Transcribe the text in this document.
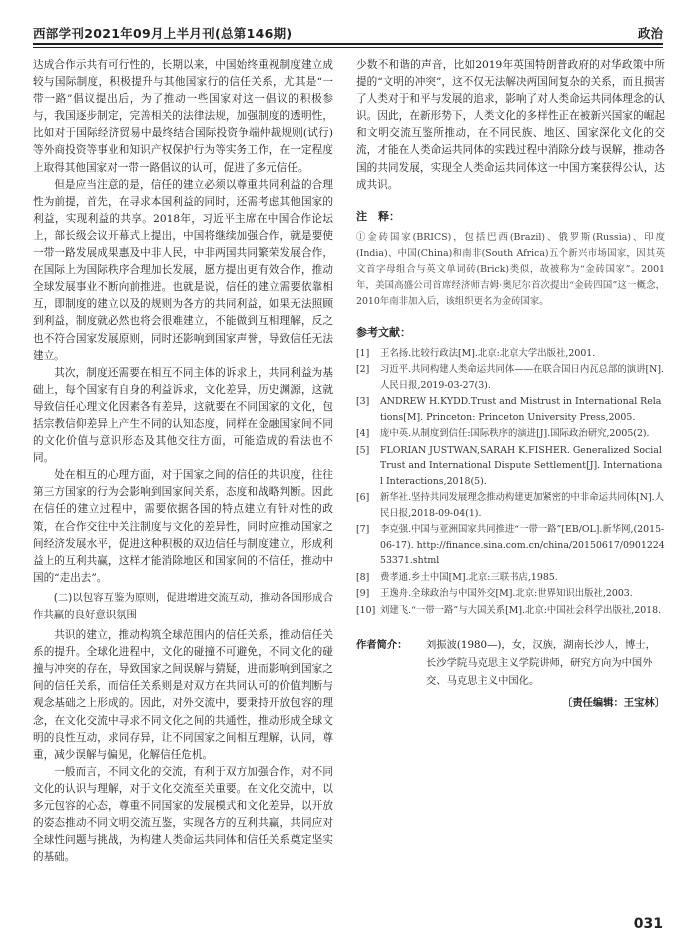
西部学刊2021年09月上半月刊(总第146期)	政治

达成合作示共有可行性的，长期以来，中国始终重视制度建立成较与国际制度，积极提升与其他国家行的信任关系，尤其是“一带一路”倡议提出后，为了推动一些国家对这一倡议的积极参与，我国逐步制定，完善相关的法律法规，加强制度的透明性，比如对于国际经济贸易中最终结合国际投资争端仲裁规则(试行)等外商投资等事业和知识产权保护行为等实务工作，在一定程度上取得其他国家对一带一路倡议的认可，促进了多元信任。

但是应当注意的是，信任的建立必须以尊重共同利益的合理性为前提，首先，在寻求本国利益的同时，还需考虑其他国家的利益，实现利益的共享。2018年，习近平主席在中国合作论坛上，部长级会议开幕式上提出，中国将继续加强合作，就是要使一带一路发展成果惠及中非人民，中非两国共同繁荣发展合作，在国际上为国际秩序合理加长发展，愿方提出更有效合作，推动全球发展事业不断向前推进。也就是说，信任的建立需要依靠相互，即制度的建立以及的规则为各方的共同利益，如果无法照顾到利益，制度就必然也将会很难建立，不能做到互相理解，反之也不符合国家发展原则，同时还影响到国家声誉，导致信任无法建立。

其次，制度还需要在相互不同主体的诉求上，共同利益为基础上，每个国家有自身的利益诉求，文化差异，历史渊源，这就导致信任心理文化因素各有差异，这就要在不同国家的文化，包括宗教信仰差异上产生不同的认知态度，同样在金融国家间不同的文化价值与意识形态及其他交往方面，可能造成的看法也不同。

处在相互的心理方面，对于国家之间的信任的共识度，往往第三方国家的行为会影响到国家间关系，态度和战略判断。因此在信任的建立过程中，需要依据各国的特点建立有针对性的政策，在合作交往中关注制度与文化的差异性，同时应推动国家之间经济发展水平，促进这种积极的双边信任与制度建立，形成利益上的互利共赢，这样才能消除地区和国家间的不信任，推动中国的“走出去”。

(二)以包容互鉴为原则，促进增进交流互动，推动各国形成合作共赢的良好意识氛围

共识的建立，推动构筑全球范围内的信任关系，推动信任关系的提升。全球化进程中，文化的碰撞不可避免，不同文化的碰撞与冲突的存在，导致国家之间误解与猜疑，进而影响到国家之间的信任关系，而信任关系则是对双方在共同认可的价值判断与观念基础之上形成的。因此，对外交流中，要秉持开放包容的理念，在文化交流中寻求不同文化之间的共通性，推动形成全球文明的良性互动，求同存异，让不同国家之间相互理解，认同，尊重，减少误解与偏见，化解信任危机。

一般而言，不同文化的交流，有利于双方加强合作，对不同文化的认识与理解，对于文化交流至关重要。在文化交流中，以多元包容的心态，尊重不同国家的发展模式和文化差异，以开放的姿态推动不同文明交流互鉴，实现各方的互利共赢，共同应对全球性问题与挑战，为构建人类命运共同体和信任关系奠定坚实的基础。

少数不和谐的声音，比如2019年英国特朗普政府的对华政策中所提的“文明的冲突”，这不仅无法解决两国间复杂的关系，而且损害了人类对于和平与发展的追求，影响了对人类命运共同体理念的认识。因此，在新形势下，人类文化的多样性正在被新兴国家的崛起和文明交流互鉴所推动，在不同民族、地区、国家深化文化的交流，才能在人类命运共同体的实践过程中消除分歧与误解，推动各国的共同发展，实现全人类命运共同体这一中国方案获得公认，达成共识。

注　释：
①金砖国家(BRICS)，包括巴西(Brazil)、俄罗斯(Russia)、印度(India)、中国(China)和南非(South Africa)五个新兴市场国家，因其英文首字母组合与英文单词砖(Brick)类似，故被称为“金砖国家”。2001年，美国高盛公司首席经济师吉姆·奥尼尔首次提出“金砖四国”这一概念，2010年南非加入后，该组织更名为金砖国家。
参考文献：
[1]	王名扬.比较行政法[M].北京:北京大学出版社,2001.
[2]	习近平.共同构建人类命运共同体——在联合国日内瓦总部的演讲[N].人民日报,2019-03-27(3).
[3]	ANDREW H.KYDD.Trust and Mistrust in International Relations[M]. Princeton: Princeton University Press,2005.
[4]	庞中英.从制度到信任:国际秩序的演进[J].国际政治研究,2005(2).
[5]	FLORIAN JUSTWAN,SARAH K.FISHER. Generalized Social Trust and International Dispute Settlement[J]. International Interactions,2018(5).
[6]	新华社.坚持共同发展理念推动构建更加紧密的中非命运共同体[N].人民日报,2018-09-04(1).
[7]	李克强.中国与亚洲国家共同推进“一带一路”[EB/OL].新华网,(2015-06-17). http://finance.sina.com.cn/china/20150617/090122453371.shtml
[8]	费孝通.乡土中国[M].北京:三联书店,1985.
[9]	王逸舟.全球政治与中国外交[M].北京:世界知识出版社,2003.
[10] 刘建飞.“一带一路”与大国关系[M].北京:中国社会科学出版社,2018.
作者简介： 刘振波(1980—)，女，汉族，湖南长沙人，博士，长沙学院马克思主义学院讲师，研究方向为中国外交、马克思主义中国化。
〔责任编辑：王宝林〕
031
